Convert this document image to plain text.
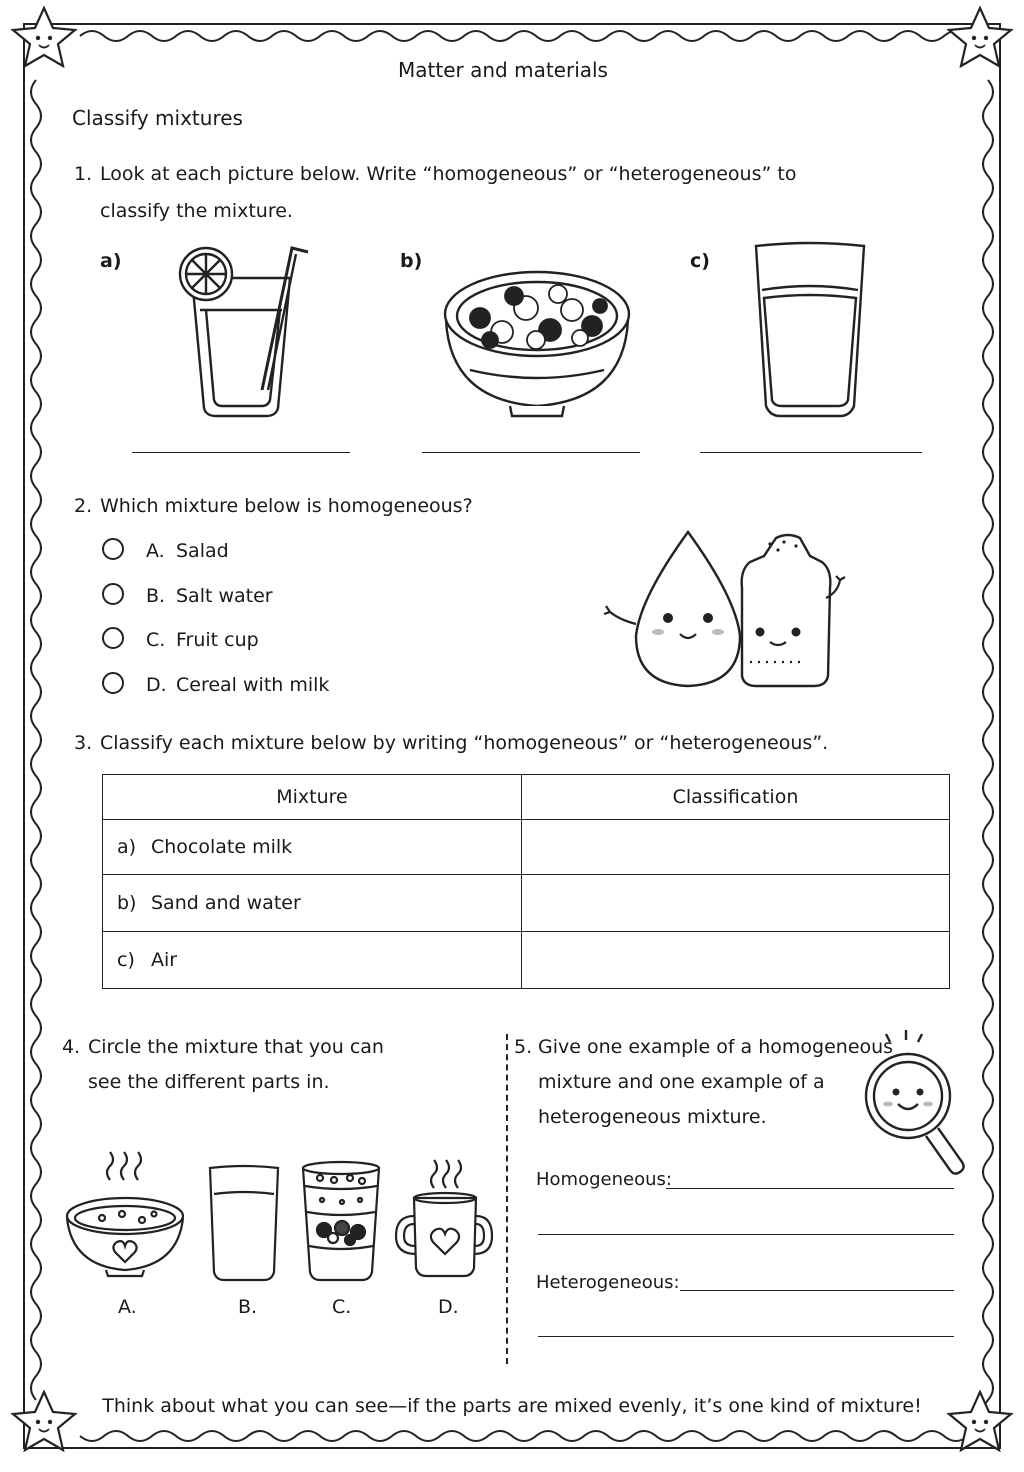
Matter and materials
Classify mixtures
1. Look at each picture below. Write “homogeneous” or “heterogeneous” to
classify the mixture.
a)	b)	c)
2. Which mixture below is homogeneous?
A. Salad
B. Salt water
C. Fruit cup
D. Cereal with milk
3. Classify each mixture below by writing “homogeneous” or “heterogeneous”.
Mixture	Classification
a) Chocolate milk	
b) Sand and water	
c) Air	
4. Circle the mixture that you can
see the different parts in.
A.	B.	C.	D.
5. Give one example of a homogeneous
mixture and one example of a
heterogeneous mixture.
Homogeneous:
Heterogeneous:
Think about what you can see—if the parts are mixed evenly, it’s one kind of mixture!
